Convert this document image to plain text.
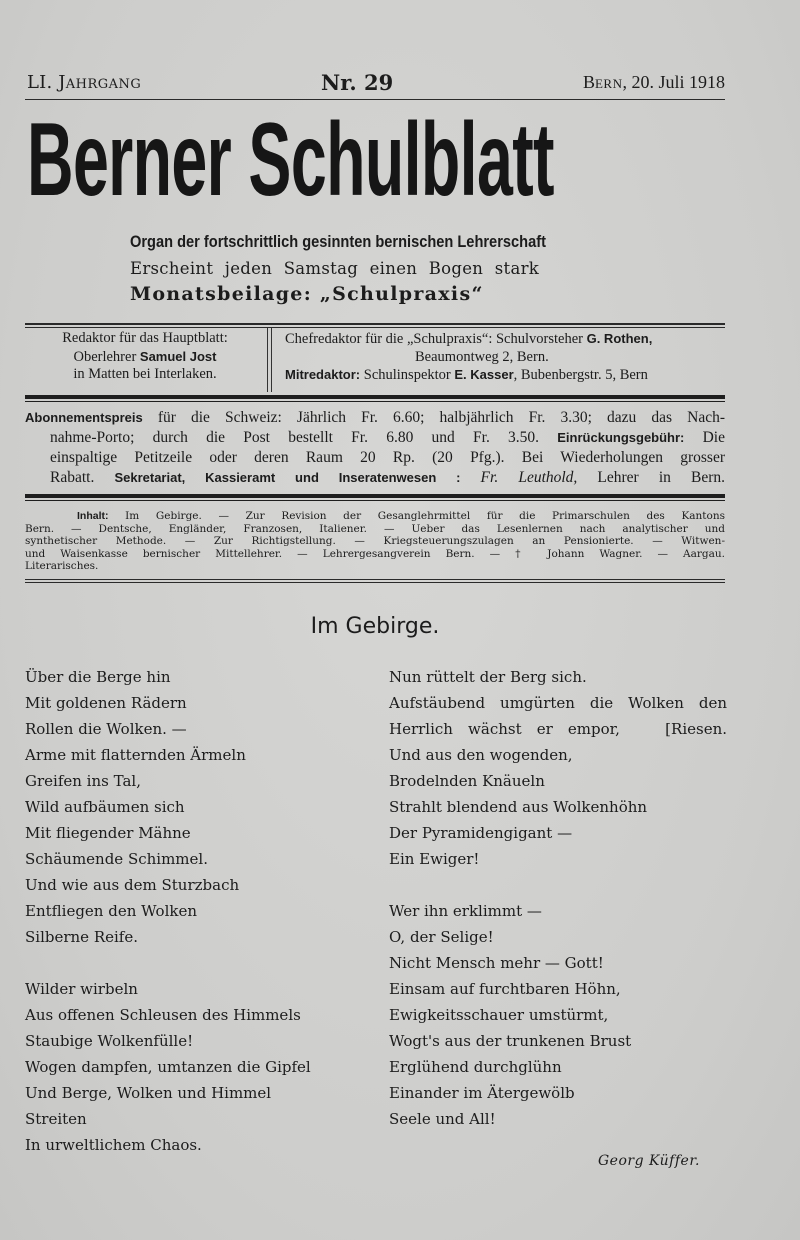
LI. JAHRGANG	Nr. 29	BERN, 20. Juli 1918
Berner Schulblatt
Organ der fortschrittlich gesinnten bernischen Lehrerschaft
Erscheint jeden Samstag einen Bogen stark
Monatsbeilage: „Schulpraxis“
Redaktor für das Hauptblatt:
Oberlehrer Samuel Jost
in Matten bei Interlaken.
Chefredaktor für die „Schulpraxis“: Schulvorsteher G. Rothen,
Beaumontweg 2, Bern.
Mitredaktor: Schulinspektor E. Kasser, Bubenbergstr. 5, Bern
Abonnementspreis für die Schweiz: Jährlich Fr. 6.60; halbjährlich Fr. 3.30; dazu das Nach-
nahme-Porto; durch die Post bestellt Fr. 6.80 und Fr. 3.50. Einrückungsgebühr: Die
einspaltige Petitzeile oder deren Raum 20 Rp. (20 Pfg.). Bei Wiederholungen grosser
Rabatt. Sekretariat, Kassieramt und Inseratenwesen : Fr. Leuthold, Lehrer in Bern.
Inhalt: Im Gebirge. — Zur Revision der Gesanglehrmittel für die Primarschulen des Kantons
Bern. — Dentsche, Engländer, Franzosen, Italiener. — Ueber das Lesenlernen nach analytischer und
synthetischer Methode. — Zur Richtigstellung. — Kriegsteuerungszulagen an Pensionierte. — Witwen-
und Waisenkasse bernischer Mittellehrer. — Lehrergesangverein Bern. — † Johann Wagner. — Aargau.
Literarisches.
Im Gebirge.
Über die Berge hin
Mit goldenen Rädern
Rollen die Wolken. —
Arme mit flatternden Ärmeln
Greifen ins Tal,
Wild aufbäumen sich
Mit fliegender Mähne
Schäumende Schimmel.
Und wie aus dem Sturzbach
Entfliegen den Wolken
Silberne Reife.
Wilder wirbeln
Aus offenen Schleusen des Himmels
Staubige Wolkenfülle!
Wogen dampfen, umtanzen die Gipfel
Und Berge, Wolken und Himmel
Streiten
In urweltlichem Chaos.
Nun rüttelt der Berg sich.
Aufstäubend umgürten die Wolken den
Herrlich wächst er empor,   [Riesen.
Und aus den wogenden,
Brodelnden Knäueln
Strahlt blendend aus Wolkenhöhn
Der Pyramidengigant —
Ein Ewiger!
Wer ihn erklimmt —
O, der Selige!
Nicht Mensch mehr — Gott!
Einsam auf furchtbaren Höhn,
Ewigkeitsschauer umstürmt,
Wogt's aus der trunkenen Brust
Erglühend durchglühn
Einander im Ätergewölb
Seele und All!
Georg Küffer.
